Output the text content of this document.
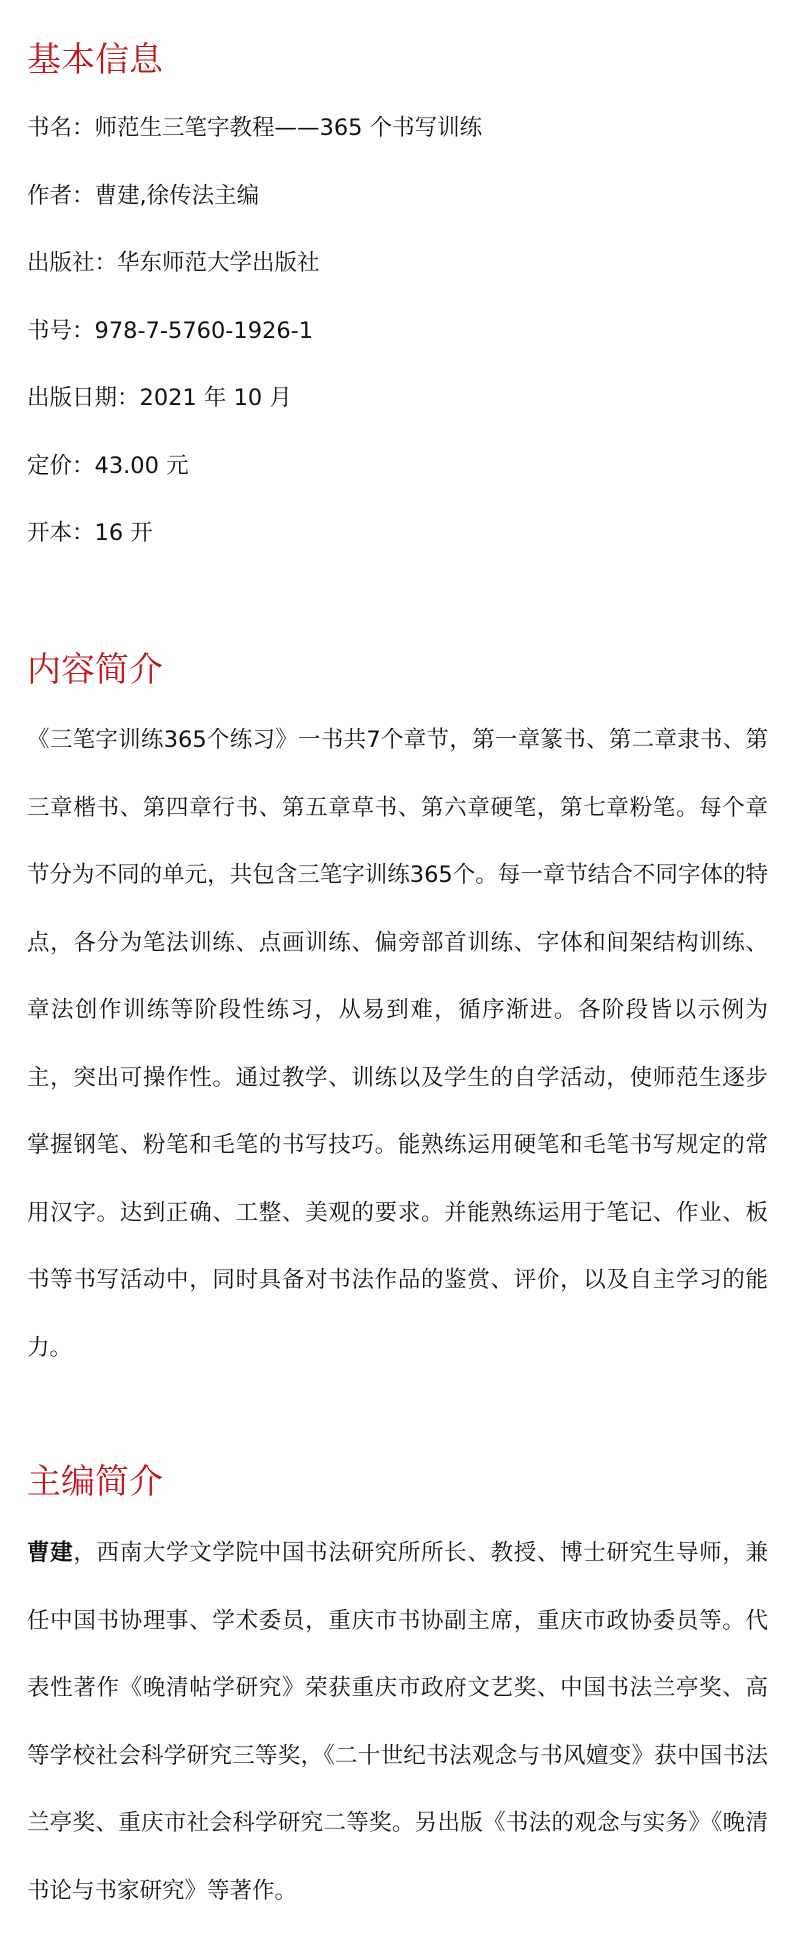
基本信息

书名：师范生三笔字教程——365 个书写训练

作者：曹建,徐传法主编

出版社：华东师范大学出版社

书号：978-7-5760-1926-1

出版日期：2021 年 10 月

定价：43.00 元

开本：16 开

内容简介

《三笔字训练365个练习》一书共7个章节，第一章篆书、第二章隶书、第三章楷书、第四章行书、第五章草书、第六章硬笔，第七章粉笔。每个章节分为不同的单元，共包含三笔字训练365个。每一章节结合不同字体的特点，各分为笔法训练、点画训练、偏旁部首训练、字体和间架结构训练、章法创作训练等阶段性练习，从易到难，循序渐进。各阶段皆以示例为主，突出可操作性。通过教学、训练以及学生的自学活动，使师范生逐步掌握钢笔、粉笔和毛笔的书写技巧。能熟练运用硬笔和毛笔书写规定的常用汉字。达到正确、工整、美观的要求。并能熟练运用于笔记、作业、板书等书写活动中，同时具备对书法作品的鉴赏、评价，以及自主学习的能力。

主编简介

曹建，西南大学文学院中国书法研究所所长、教授、博士研究生导师，兼任中国书协理事、学术委员，重庆市书协副主席，重庆市政协委员等。代表性著作《晚清帖学研究》荣获重庆市政府文艺奖、中国书法兰亭奖、高等学校社会科学研究三等奖，《二十世纪书法观念与书风嬗变》获中国书法兰亭奖、重庆市社会科学研究二等奖。另出版《书法的观念与实务》《晚清书论与书家研究》等著作。
